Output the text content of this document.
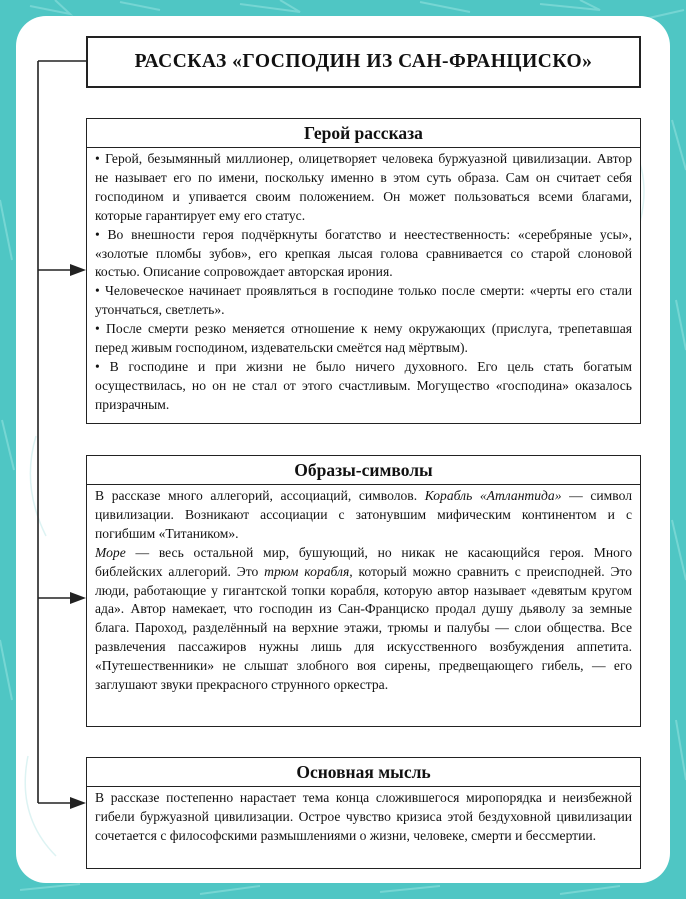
РАССКАЗ «ГОСПОДИН ИЗ САН-ФРАНЦИСКО»
Герой рассказа

• Герой, безымянный миллионер, олицетворяет человека буржуазной цивилизации. Автор не называет его по имени, поскольку именно в этом суть образа. Сам он считает себя господином и упивается своим положением. Он может пользоваться всеми благами, которые гарантирует ему его статус.

• Во внешности героя подчёркнуты богатство и неестественность: «серебряные усы», «золотые пломбы зубов», его крепкая лысая голова сравнивается со старой слоновой костью. Описание сопровождает авторская ирония.

• Человеческое начинает проявляться в господине только после смерти: «черты его стали утончаться, светлеть».

• После смерти резко меняется отношение к нему окружающих (прислуга, трепетавшая перед живым господином, издевательски смеётся над мёртвым).

• В господине и при жизни не было ничего духовного. Его цель стать богатым осуществилась, но он не стал от этого счастливым. Могущество «господина» оказалось призрачным.

Образы-символы

В рассказе много аллегорий, ассоциаций, символов. Корабль «Атлантида» — символ цивилизации. Возникают ассоциации с затонувшим мифическим континентом и с погибшим «Титаником».

Море — весь остальной мир, бушующий, но никак не касающийся героя. Много библейских аллегорий. Это трюм корабля, который можно сравнить с преисподней. Это люди, работающие у гигантской топки корабля, которую автор называет «девятым кругом ада». Автор намекает, что господин из Сан-Франциско продал душу дьяволу за земные блага. Пароход, разделённый на верхние этажи, трюмы и палубы — слои общества. Все развлечения пассажиров нужны лишь для искусственного возбуждения аппетита. «Путешественники» не слышат злобного воя сирены, предвещающего гибель, — его заглушают звуки прекрасного струнного оркестра.

Основная мысль

В рассказе постепенно нарастает тема конца сложившегося миропорядка и неизбежной гибели буржуазной цивилизации. Острое чувство кризиса этой бездуховной цивилизации сочетается с философскими размышлениями о жизни, человеке, смерти и бессмертии.
